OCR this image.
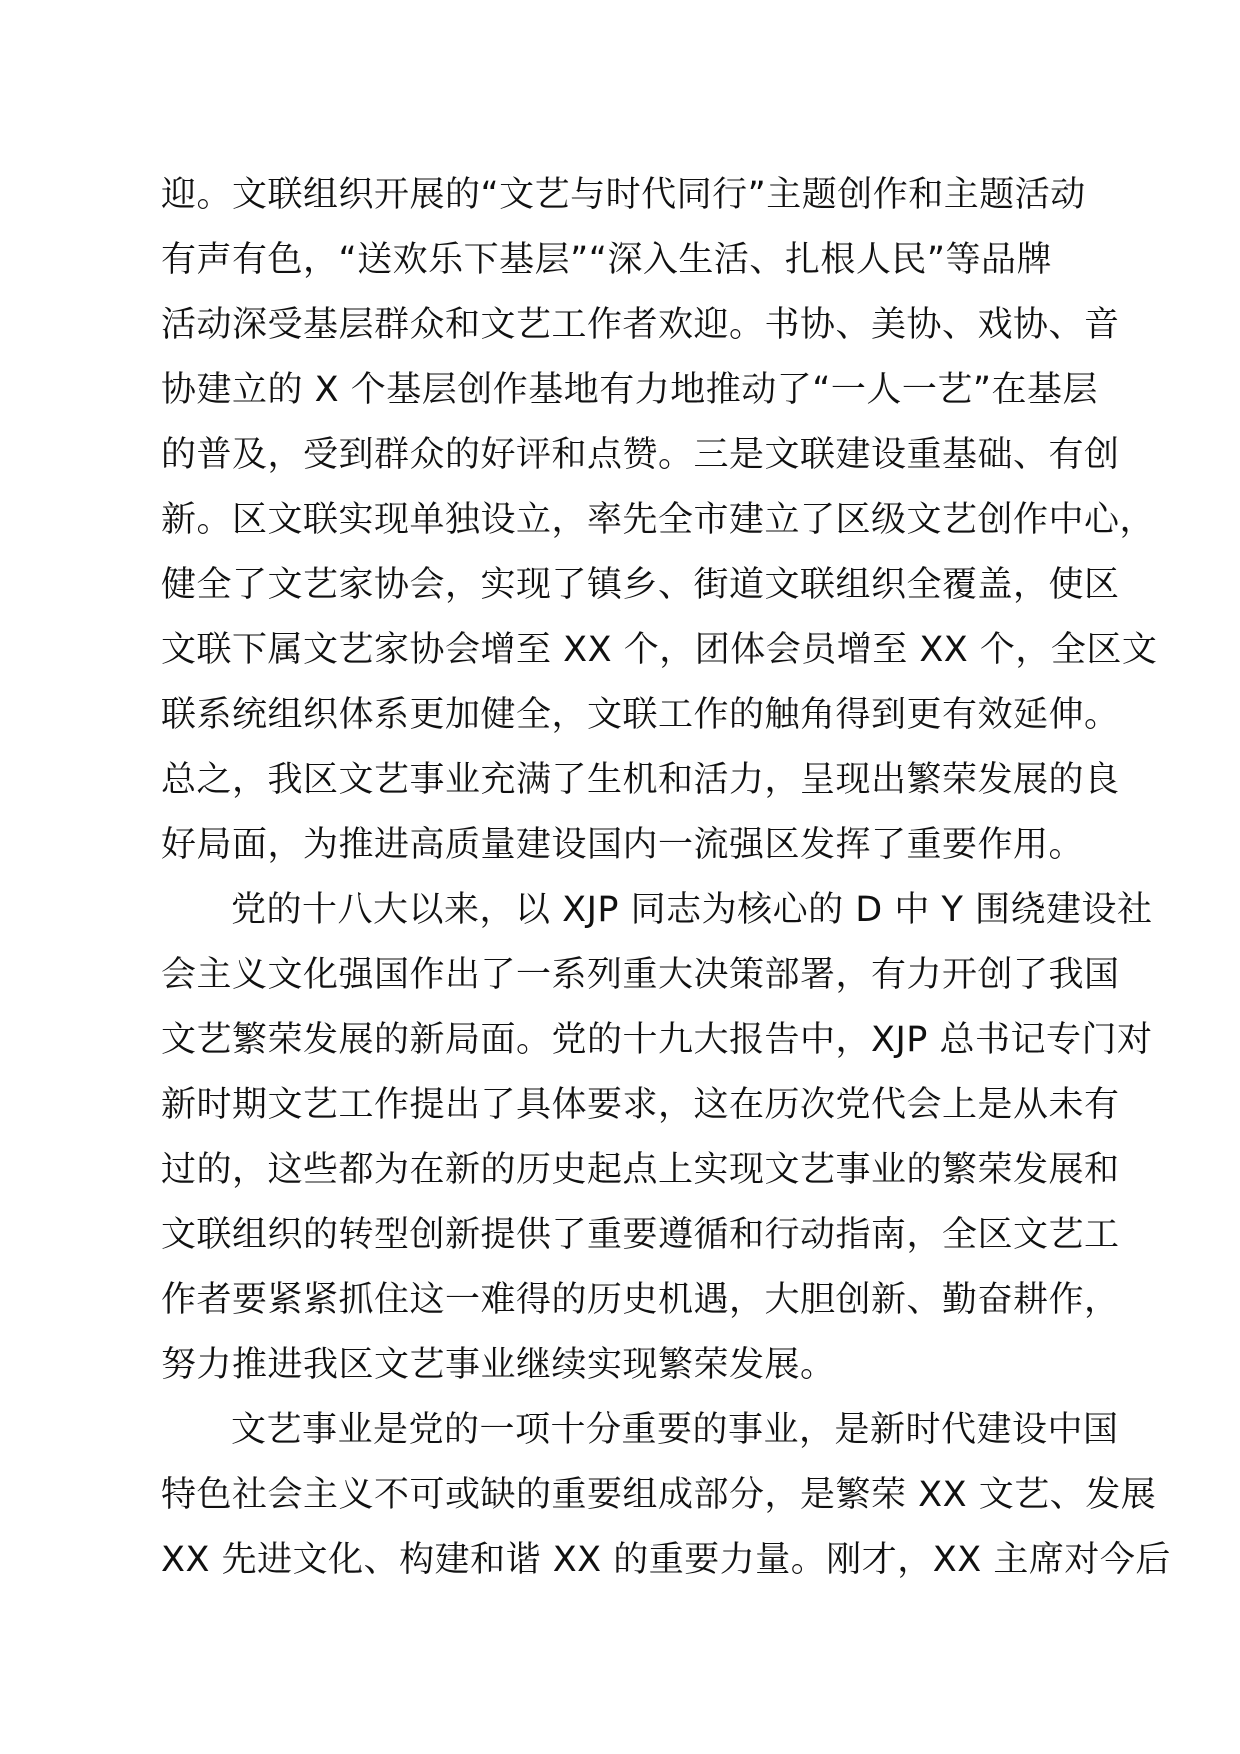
迎。文联组织开展的“文艺与时代同行”主题创作和主题活动
有声有色，“送欢乐下基层”“深入生活、扎根人民”等品牌
活动深受基层群众和文艺工作者欢迎。书协、美协、戏协、音
协建立的 X 个基层创作基地有力地推动了“一人一艺”在基层
的普及，受到群众的好评和点赞。三是文联建设重基础、有创
新。区文联实现单独设立，率先全市建立了区级文艺创作中心，
健全了文艺家协会，实现了镇乡、街道文联组织全覆盖，使区
文联下属文艺家协会增至 XX 个，团体会员增至 XX 个，全区文
联系统组织体系更加健全，文联工作的触角得到更有效延伸。
总之，我区文艺事业充满了生机和活力，呈现出繁荣发展的良
好局面，为推进高质量建设国内一流强区发挥了重要作用。
党的十八大以来，以 XJP 同志为核心的 D 中 Y 围绕建设社
会主义文化强国作出了一系列重大决策部署，有力开创了我国
文艺繁荣发展的新局面。党的十九大报告中，XJP 总书记专门对
新时期文艺工作提出了具体要求，这在历次党代会上是从未有
过的，这些都为在新的历史起点上实现文艺事业的繁荣发展和
文联组织的转型创新提供了重要遵循和行动指南，全区文艺工
作者要紧紧抓住这一难得的历史机遇，大胆创新、勤奋耕作，
努力推进我区文艺事业继续实现繁荣发展。
文艺事业是党的一项十分重要的事业，是新时代建设中国
特色社会主义不可或缺的重要组成部分，是繁荣 XX 文艺、发展
XX 先进文化、构建和谐 XX 的重要力量。刚才，XX 主席对今后
